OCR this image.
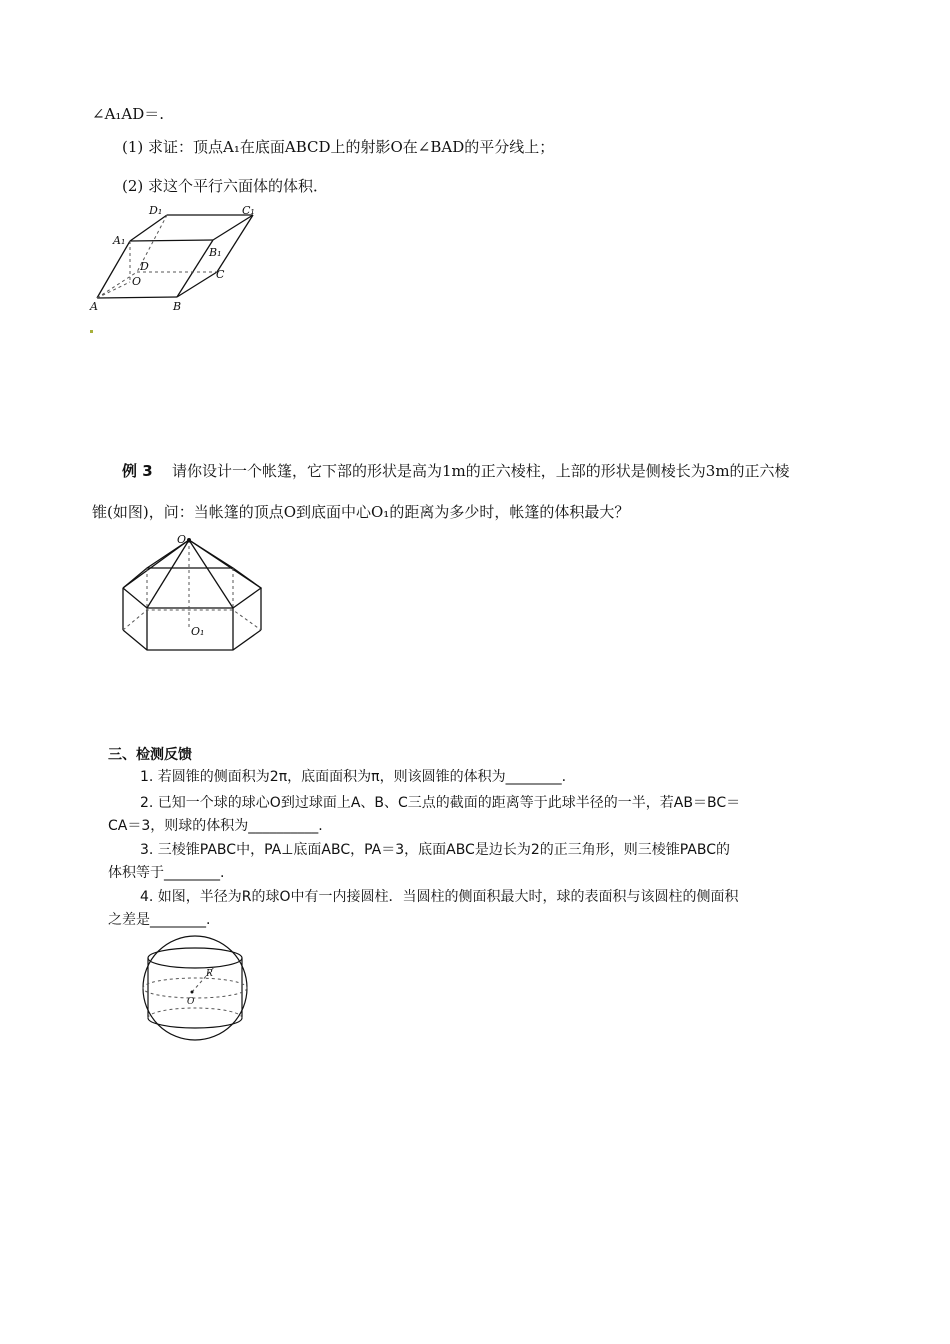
∠A₁AD＝.
(1) 求证：顶点A₁在底面ABCD上的射影O在∠BAD的平分线上；
(2) 求这个平行六面体的体积．
D₁	C₁
A₁
B₁
D
C
O
A	B
例 3 请你设计一个帐篷，它下部的形状是高为1m的正六棱柱，上部的形状是侧棱长为3m的正六棱
锥(如图)，问：当帐篷的顶点O到底面中心O₁的距离为多少时，帐篷的体积最大？
O
O₁
三、检测反馈
1. 若圆锥的侧面积为2π，底面面积为π，则该圆锥的体积为________.
2. 已知一个球的球心O到过球面上A、B、C三点的截面的距离等于此球半径的一半，若AB＝BC＝
CA＝3，则球的体积为__________.
3. 三棱锥PABC中，PA⊥底面ABC，PA＝3，底面ABC是边长为2的正三角形，则三棱锥PABC的
体积等于________.
4. 如图，半径为R的球O中有一内接圆柱．当圆柱的侧面积最大时，球的表面积与该圆柱的侧面积
之差是________.
R
O
